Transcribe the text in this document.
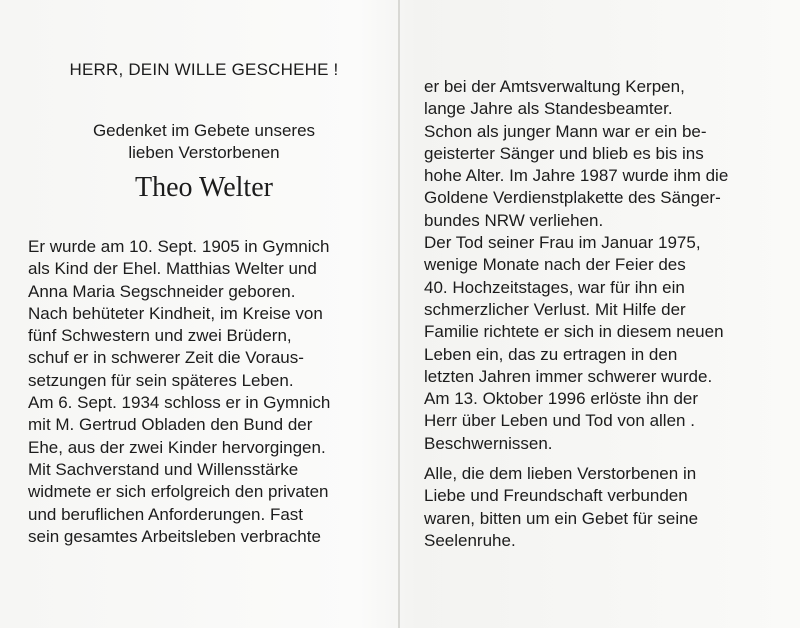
HERR, DEIN WILLE GESCHEHE !
Gedenket im Gebete unseres
lieben Verstorbenen
Theo Welter

Er wurde am 10. Sept. 1905 in Gymnich

als Kind der Ehel. Matthias Welter und

Anna Maria Segschneider geboren.

Nach behüteter Kindheit, im Kreise von

fünf Schwestern und zwei Brüdern,

schuf er in schwerer Zeit die Voraus-

setzungen für sein späteres Leben.

Am 6. Sept. 1934 schloss er in Gymnich

mit M. Gertrud Obladen den Bund der

Ehe, aus der zwei Kinder hervorgingen.

Mit Sachverstand und Willensstärke

widmete er sich erfolgreich den privaten

und beruflichen Anforderungen. Fast

sein gesamtes Arbeitsleben verbrachte

er bei der Amtsverwaltung Kerpen,

lange Jahre als Standesbeamter.

Schon als junger Mann war er ein be-

geisterter Sänger und blieb es bis ins

hohe Alter. Im Jahre 1987 wurde ihm die

Goldene Verdienstplakette des Sänger-

bundes NRW verliehen.

Der Tod seiner Frau im Januar 1975,

wenige Monate nach der Feier des

40. Hochzeitstages, war für ihn ein

schmerzlicher Verlust. Mit Hilfe der

Familie richtete er sich in diesem neuen

Leben ein, das zu ertragen in den

letzten Jahren immer schwerer wurde.

Am 13. Oktober 1996 erlöste ihn der

Herr über Leben und Tod von allen .

Beschwernissen.

Alle, die dem lieben Verstorbenen in

Liebe und Freundschaft verbunden

waren, bitten um ein Gebet für seine

Seelenruhe.
